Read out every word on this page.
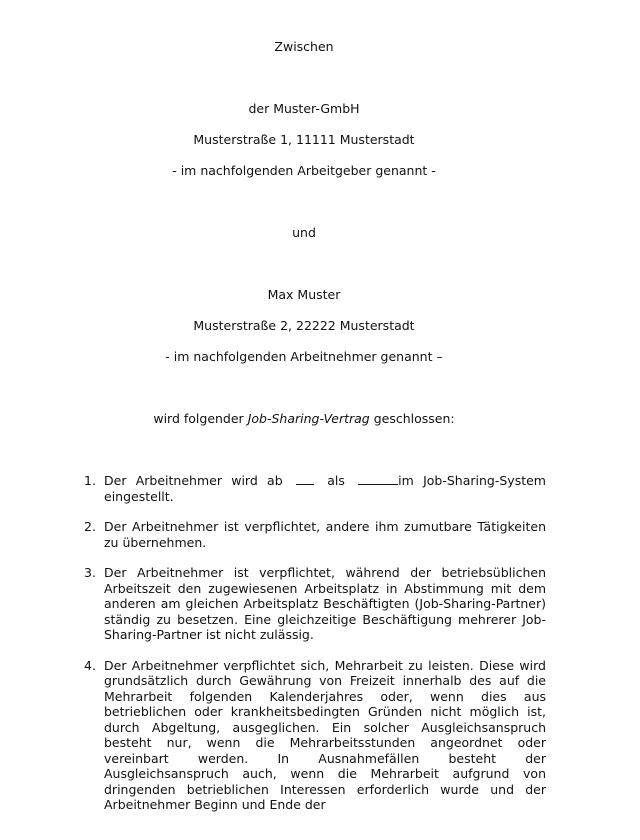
Zwischen
der Muster-GmbH
Musterstraße 1, 11111 Musterstadt
- im nachfolgenden Arbeitgeber genannt -
und
Max Muster
Musterstraße 2, 22222 Musterstadt
- im nachfolgenden Arbeitnehmer genannt –
wird folgender Job-Sharing-Vertrag geschlossen:
1. Der Arbeitnehmer wird ab	als	im Job-Sharing-System eingestellt.
2. Der Arbeitnehmer ist verpflichtet, andere ihm zumutbare Tätigkeiten zu übernehmen.
3. Der Arbeitnehmer ist verpflichtet, während der betriebsüblichen Arbeitszeit den zugewiesenen Arbeitsplatz in Abstimmung mit dem anderen am gleichen Arbeitsplatz Beschäftigten (Job-Sharing-Partner) ständig zu besetzen. Eine gleichzeitige Beschäftigung mehrerer Job-Sharing-Partner ist nicht zulässig.
4. Der Arbeitnehmer verpflichtet sich, Mehrarbeit zu leisten. Diese wird grundsätzlich durch Gewährung von Freizeit innerhalb des auf die Mehrarbeit folgenden Kalenderjahres oder, wenn dies aus betrieblichen oder krankheitsbedingten Gründen nicht möglich ist, durch Abgeltung, ausgeglichen. Ein solcher Ausgleichsanspruch besteht nur, wenn die Mehrarbeitsstunden angeordnet oder vereinbart werden. In Ausnahmefällen besteht der Ausgleichsanspruch auch, wenn die Mehrarbeit aufgrund von dringenden betrieblichen Interessen erforderlich wurde und der Arbeitnehmer Beginn und Ende der
